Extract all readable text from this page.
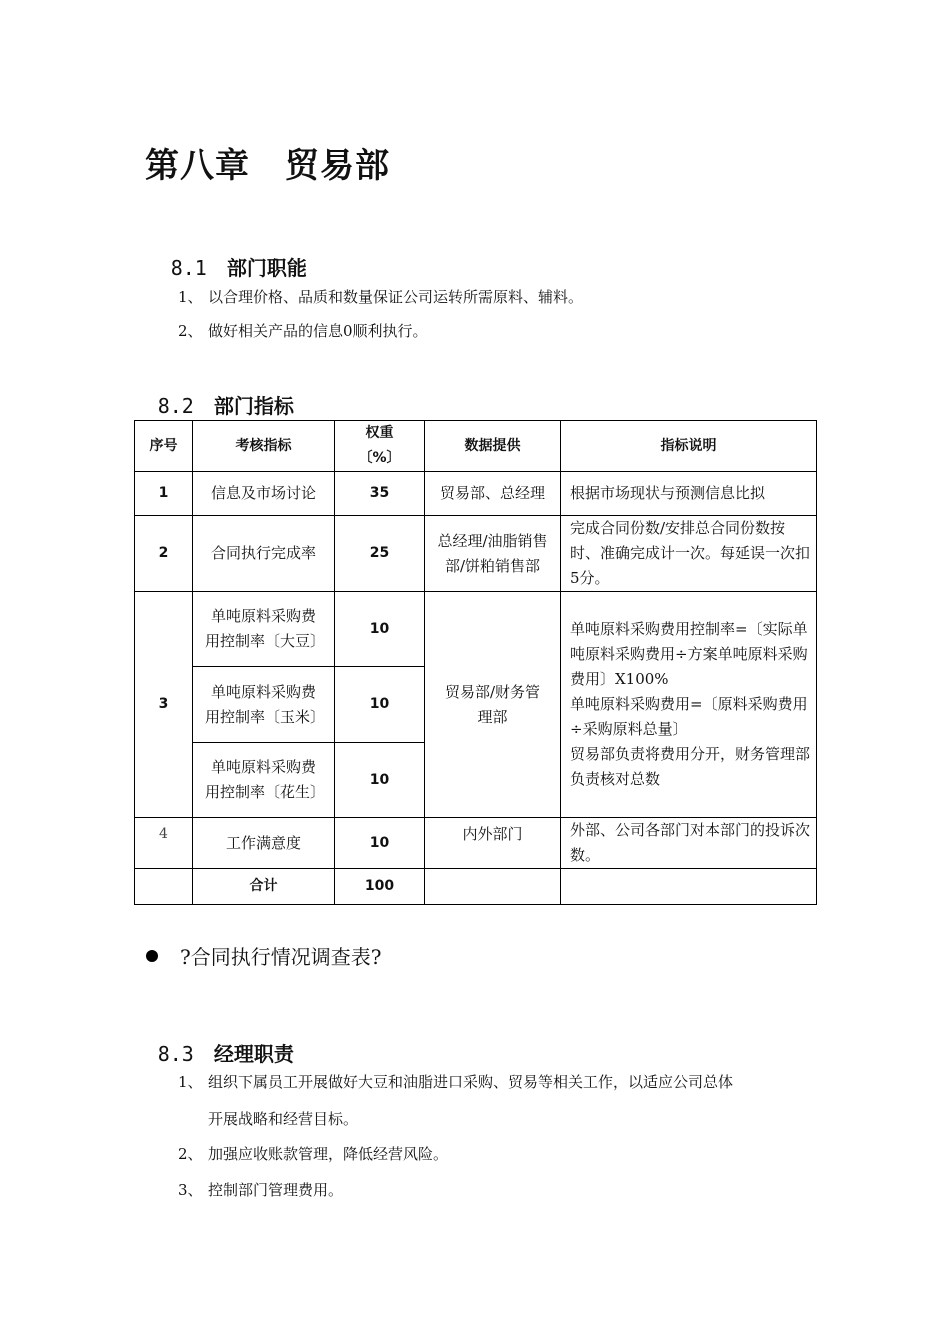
第八章　贸易部

8.1 部门职能

1、 以合理价格、品质和数量保证公司运转所需原料、辅料。
2、 做好相关产品的信息0顺利执行。

8.2 部门指标

序号	考核指标	权重〔%〕	数据提供	指标说明
1	信息及市场讨论	35	贸易部、总经理	根据市场现状与预测信息比拟
2	合同执行完成率	25	总经理/油脂销售部/饼粕销售部	完成合同份数/安排总合同份数按时、准确完成计一次。每延误一次扣5分。
3	单吨原料采购费用控制率〔大豆〕	10	贸易部/财务管理部	单吨原料采购费用控制率=〔实际单吨原料采购费用÷方案单吨原料采购费用〕X100%
单吨原料采购费用=〔原料采购费用÷采购原料总量〕
贸易部负责将费用分开，财务管理部负责核对总数
	单吨原料采购费用控制率〔玉米〕	10		
	单吨原料采购费用控制率〔花生〕	10		
4	工作满意度	10	内外部门	外部、公司各部门对本部门的投诉次数。
	合计	100		
?合同执行情况调查表?

8.3 经理职责

1、 组织下属员工开展做好大豆和油脂进口采购、贸易等相关工作，以适应公司总体
开展战略和经营目标。
2、 加强应收账款管理，降低经营风险。
3、 控制部门管理费用。
